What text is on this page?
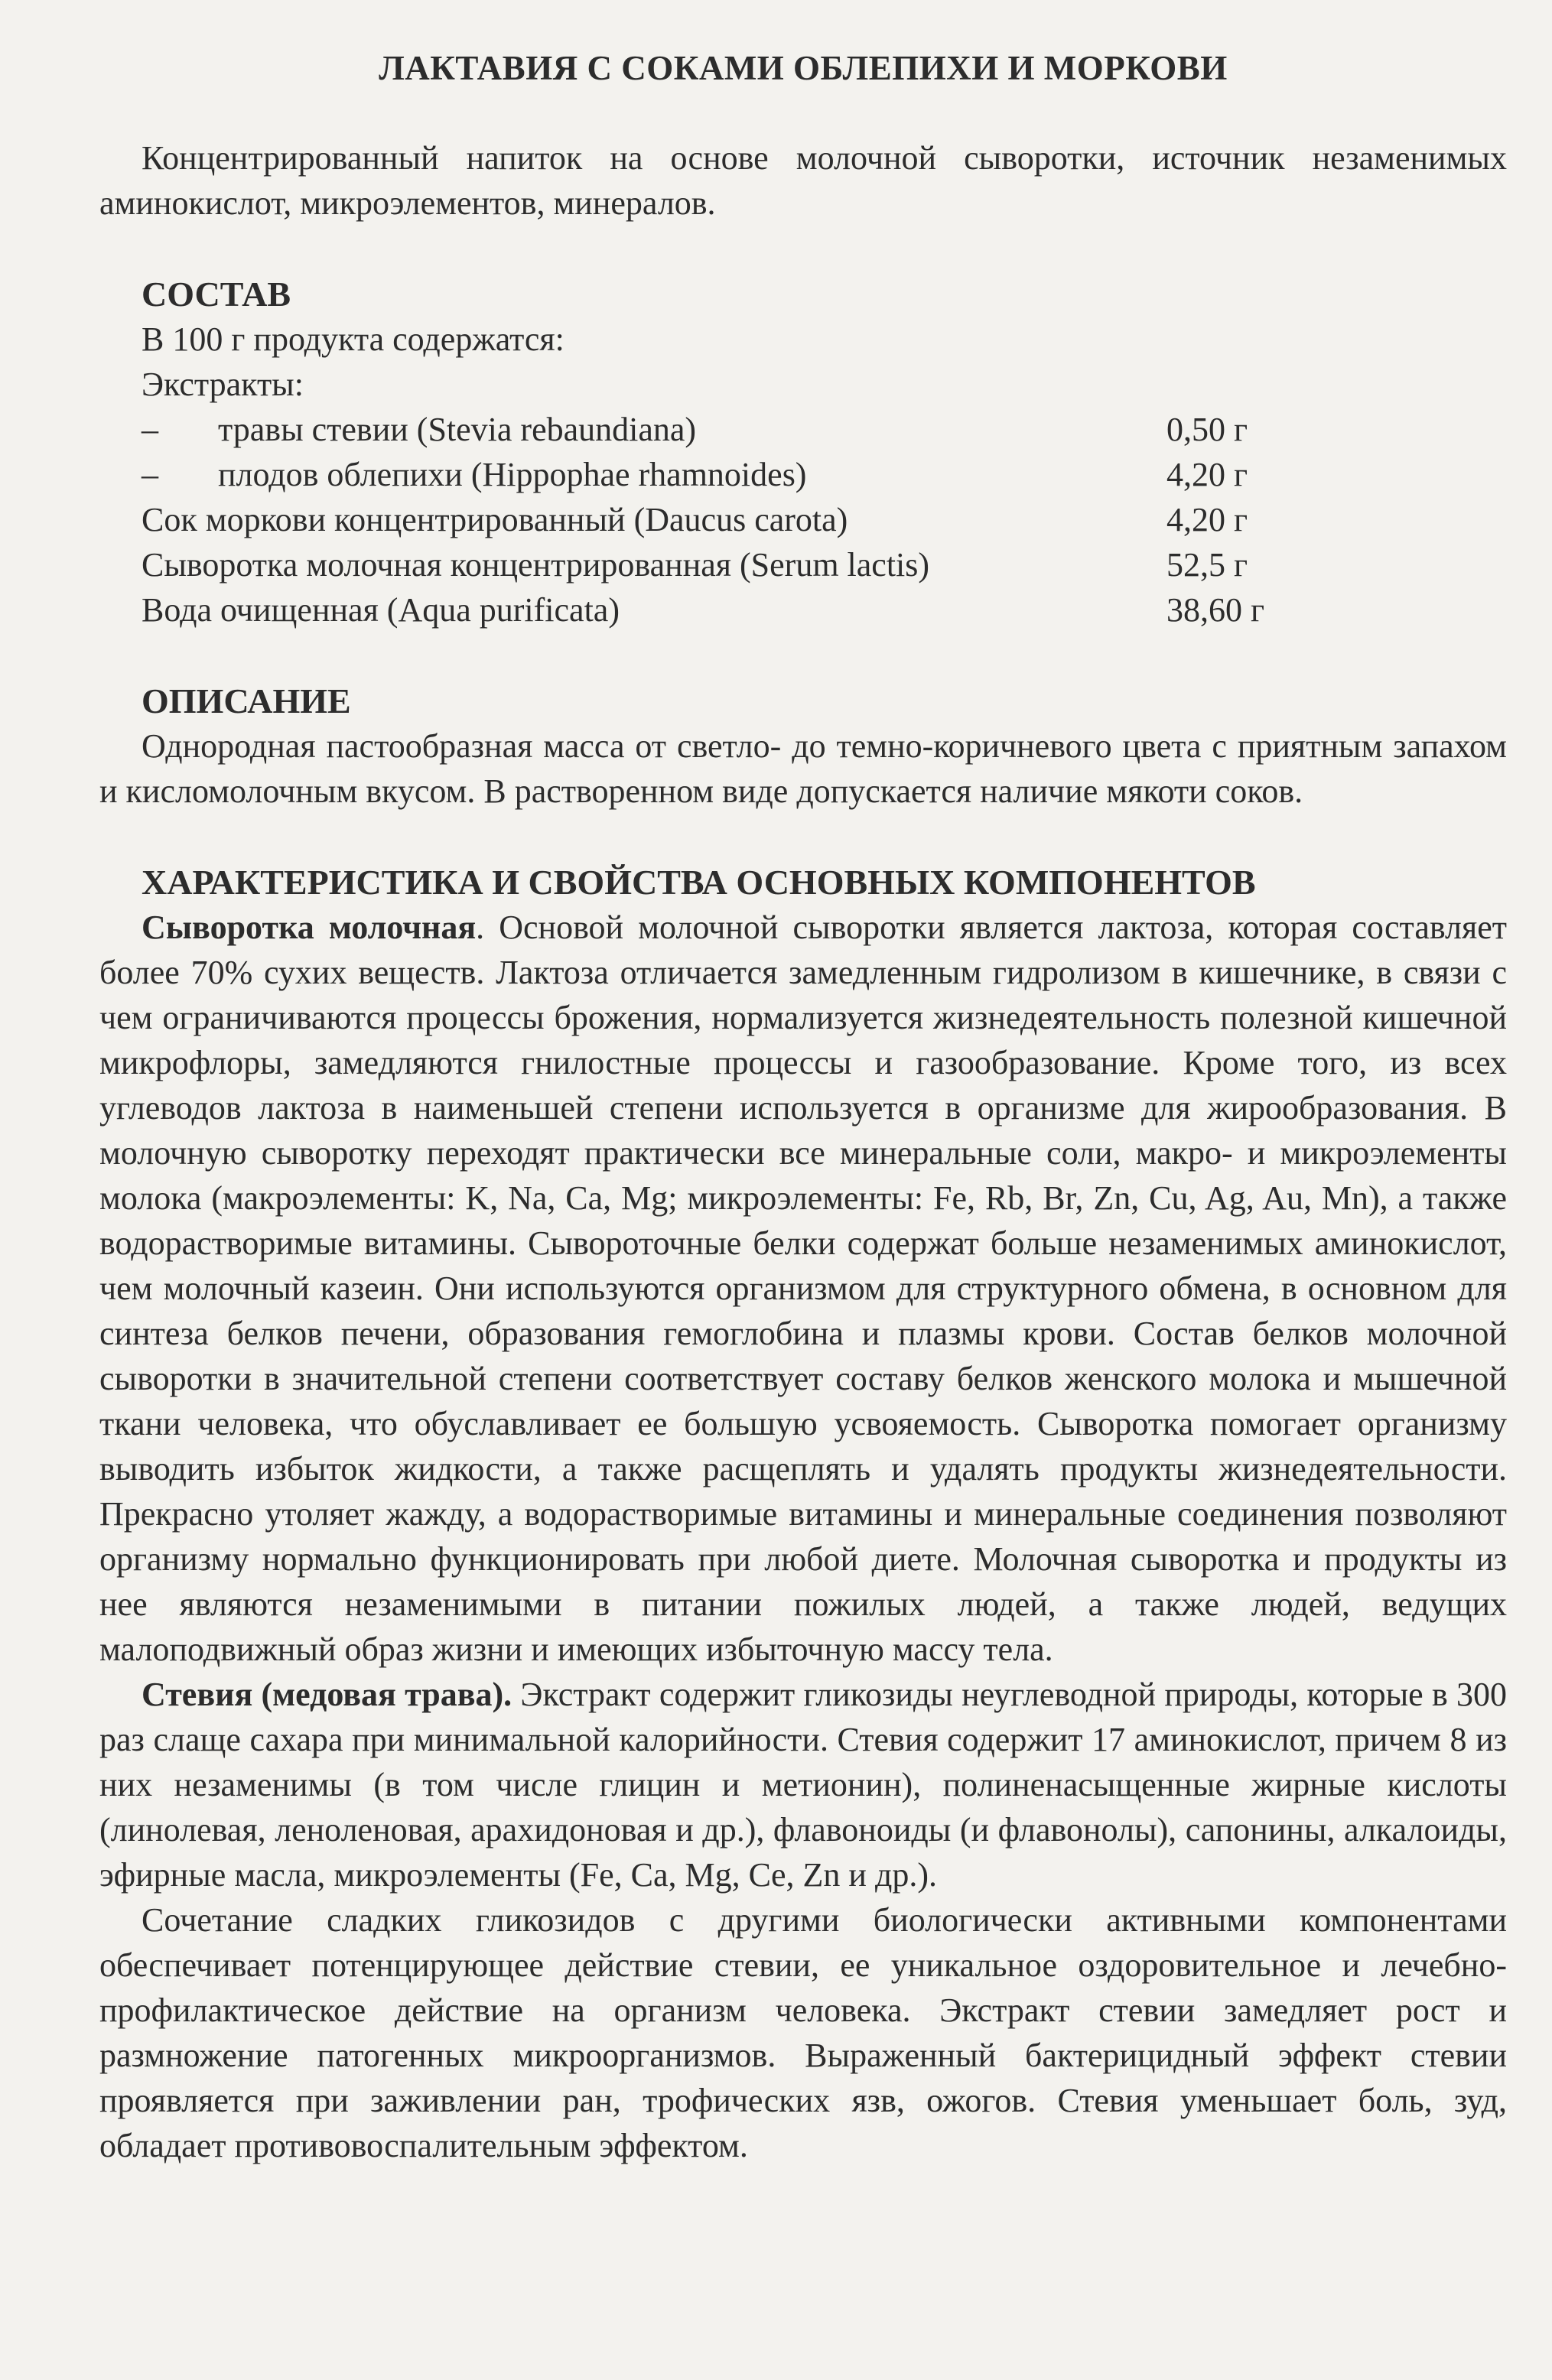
ЛАКТАВИЯ С СОКАМИ ОБЛЕПИХИ И МОРКОВИ

Концентрированный напиток на основе молочной сыворотки, источник незаменимых аминокислот, микроэлементов, минералов.

СОСТАВ
В 100 г продукта содержатся:
Экстракты:
– травы стевии (Stevia rebaundiana)	0,50 г
– плодов облепихи (Hippophae rhamnoides)	4,20 г
Сок моркови концентрированный (Daucus carota)	4,20 г
Сыворотка молочная концентрированная (Serum lactis)	52,5 г
Вода очищенная (Aqua purificata)	38,60 г
ОПИСАНИЕ

Однородная пастообразная масса от светло- до темно-коричневого цвета с приятным запахом и кисломолочным вкусом. В растворенном виде допускается наличие мякоти соков.

ХАРАКТЕРИСТИКА И СВОЙСТВА ОСНОВНЫХ КОМПОНЕНТОВ

Сыворотка молочная. Основой молочной сыворотки является лактоза, которая составляет более 70% сухих веществ. Лактоза отличается замедленным гидролизом в кишечнике, в связи с чем ограничиваются процессы брожения, нормализуется жизнедеятельность полезной кишечной микрофлоры, замедляются гнилостные процессы и газообразование. Кроме того, из всех углеводов лактоза в наименьшей степени используется в организме для жирообразования. В молочную сыворотку переходят практически все минеральные соли, макро- и микроэлементы молока (макроэлементы: K, Na, Ca, Mg; микроэлементы: Fe, Rb, Br, Zn, Cu, Ag, Au, Mn), а также водорастворимые витамины. Сывороточные белки содержат больше незаменимых аминокислот, чем молочный казеин. Они используются организмом для структурного обмена, в основном для синтеза белков печени, образования гемоглобина и плазмы крови. Состав белков молочной сыворотки в значительной степени соответствует составу белков женского молока и мышечной ткани человека, что обуславливает ее большую усвояемость. Сыворотка помогает организму выводить избыток жидкости, а также расщеплять и удалять продукты жизнедеятельности. Прекрасно утоляет жажду, а водорастворимые витамины и минеральные соединения позволяют организму нормально функционировать при любой диете. Молочная сыворотка и продукты из нее являются незаменимыми в питании пожилых людей, а также людей, ведущих малоподвижный образ жизни и имеющих избыточную массу тела.

Стевия (медовая трава). Экстракт содержит гликозиды неуглеводной природы, которые в 300 раз слаще сахара при минимальной калорийности. Стевия содержит 17 аминокислот, причем 8 из них незаменимы (в том числе глицин и метионин), полиненасыщенные жирные кислоты (линолевая, леноленовая, арахидоновая и др.), флавоноиды (и флавонолы), сапонины, алкалоиды, эфирные масла, микроэлементы (Fe, Ca, Mg, Ce, Zn и др.).

Сочетание сладких гликозидов с другими биологически активными компонентами обеспечивает потенцирующее действие стевии, ее уникальное оздоровительное и лечебно-профилактическое действие на организм человека. Экстракт стевии замедляет рост и размножение патогенных микроорганизмов. Выраженный бактерицидный эффект стевии проявляется при заживлении ран, трофических язв, ожогов. Стевия уменьшает боль, зуд, обладает противовоспалительным эффектом.
